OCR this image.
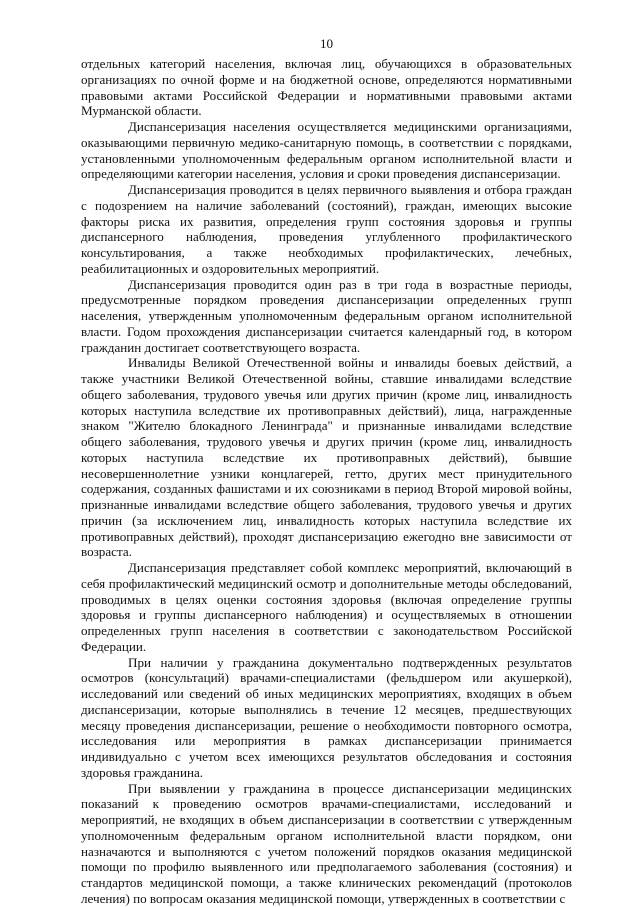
10

отдельных категорий населения, включая лиц, обучающихся в образовательных организациях по очной форме и на бюджетной основе, определяются нормативными правовыми актами Российской Федерации и нормативными правовыми актами Мурманской области.

Диспансеризация населения осуществляется медицинскими организациями, оказывающими первичную медико-санитарную помощь, в соответствии с порядками, установленными уполномоченным федеральным органом исполнительной власти и определяющими категории населения, условия и сроки проведения диспансеризации.

Диспансеризация проводится в целях первичного выявления и отбора граждан с подозрением на наличие заболеваний (состояний), граждан, имеющих высокие факторы риска их развития, определения групп состояния здоровья и группы диспансерного наблюдения, проведения углубленного профилактического консультирования, а также необходимых профилактических, лечебных, реабилитационных и оздоровительных мероприятий.

Диспансеризация проводится один раз в три года в возрастные периоды, предусмотренные порядком проведения диспансеризации определенных групп населения, утвержденным уполномоченным федеральным органом исполнительной власти. Годом прохождения диспансеризации считается календарный год, в котором гражданин достигает соответствующего возраста.

Инвалиды Великой Отечественной войны и инвалиды боевых действий, а также участники Великой Отечественной войны, ставшие инвалидами вследствие общего заболевания, трудового увечья или других причин (кроме лиц, инвалидность которых наступила вследствие их противоправных действий), лица, награжденные знаком "Жителю блокадного Ленинграда" и признанные инвалидами вследствие общего заболевания, трудового увечья и других причин (кроме лиц, инвалидность которых наступила вследствие их противоправных действий), бывшие несовершеннолетние узники концлагерей, гетто, других мест принудительного содержания, созданных фашистами и их союзниками в период Второй мировой войны, признанные инвалидами вследствие общего заболевания, трудового увечья и других причин (за исключением лиц, инвалидность которых наступила вследствие их противоправных действий), проходят диспансеризацию ежегодно вне зависимости от возраста.

Диспансеризация представляет собой комплекс мероприятий, включающий в себя профилактический медицинский осмотр и дополнительные методы обследований, проводимых в целях оценки состояния здоровья (включая определение группы здоровья и группы диспансерного наблюдения) и осуществляемых в отношении определенных групп населения в соответствии с законодательством Российской Федерации.

При наличии у гражданина документально подтвержденных результатов осмотров (консультаций) врачами-специалистами (фельдшером или акушеркой), исследований или сведений об иных медицинских мероприятиях, входящих в объем диспансеризации, которые выполнялись в течение 12 месяцев, предшествующих месяцу проведения диспансеризации, решение о необходимости повторного осмотра, исследования или мероприятия в рамках диспансеризации принимается индивидуально с учетом всех имеющихся результатов обследования и состояния здоровья гражданина.

При выявлении у гражданина в процессе диспансеризации медицинских показаний к проведению осмотров врачами-специалистами, исследований и мероприятий, не входящих в объем диспансеризации в соответствии с утвержденным уполномоченным федеральным органом исполнительной власти порядком, они назначаются и выполняются с учетом положений порядков оказания медицинской помощи по профилю выявленного или предполагаемого заболевания (состояния) и стандартов медицинской помощи, а также клинических рекомендаций (протоколов лечения) по вопросам оказания медицинской помощи, утвержденных в соответствии с
